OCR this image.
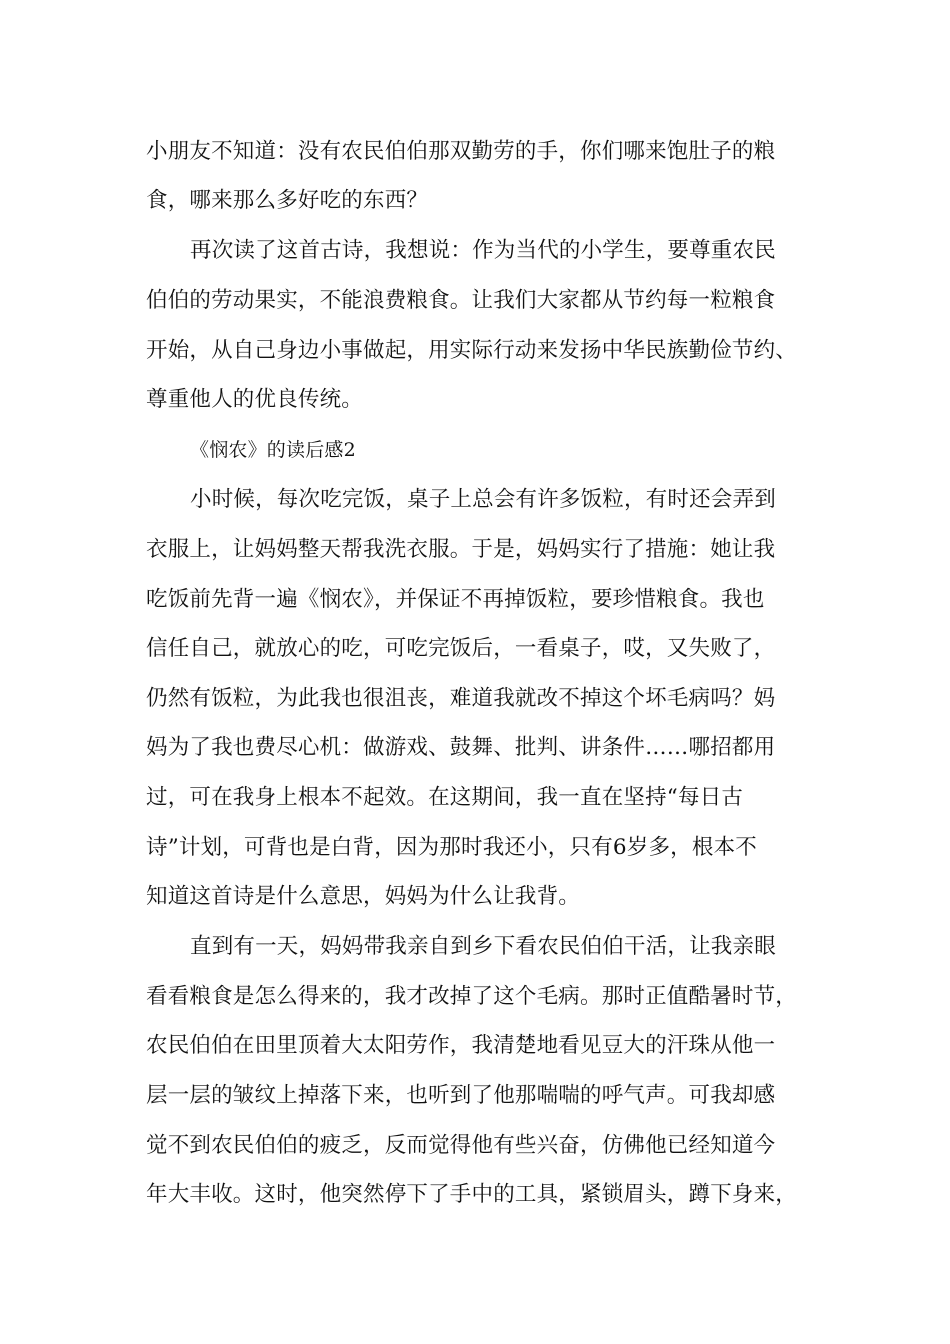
小朋友不知道：没有农民伯伯那双勤劳的手，你们哪来饱肚子的粮
食，哪来那么多好吃的东西？
再次读了这首古诗，我想说：作为当代的小学生，要尊重农民
伯伯的劳动果实，不能浪费粮食。让我们大家都从节约每一粒粮食
开始，从自己身边小事做起，用实际行动来发扬中华民族勤俭节约、
尊重他人的优良传统。
《悯农》的读后感2
小时候，每次吃完饭，桌子上总会有许多饭粒，有时还会弄到
衣服上，让妈妈整天帮我洗衣服。于是，妈妈实行了措施：她让我
吃饭前先背一遍《悯农》，并保证不再掉饭粒，要珍惜粮食。我也
信任自己，就放心的吃，可吃完饭后，一看桌子，哎，又失败了，
仍然有饭粒，为此我也很沮丧，难道我就改不掉这个坏毛病吗？妈
妈为了我也费尽心机：做游戏、鼓舞、批判、讲条件……哪招都用
过，可在我身上根本不起效。在这期间，我一直在坚持“每日古
诗”计划，可背也是白背，因为那时我还小，只有6岁多，根本不
知道这首诗是什么意思，妈妈为什么让我背。
直到有一天，妈妈带我亲自到乡下看农民伯伯干活，让我亲眼
看看粮食是怎么得来的，我才改掉了这个毛病。那时正值酷暑时节，
农民伯伯在田里顶着大太阳劳作，我清楚地看见豆大的汗珠从他一
层一层的皱纹上掉落下来，也听到了他那喘喘的呼气声。可我却感
觉不到农民伯伯的疲乏，反而觉得他有些兴奋，仿佛他已经知道今
年大丰收。这时，他突然停下了手中的工具，紧锁眉头，蹲下身来，
